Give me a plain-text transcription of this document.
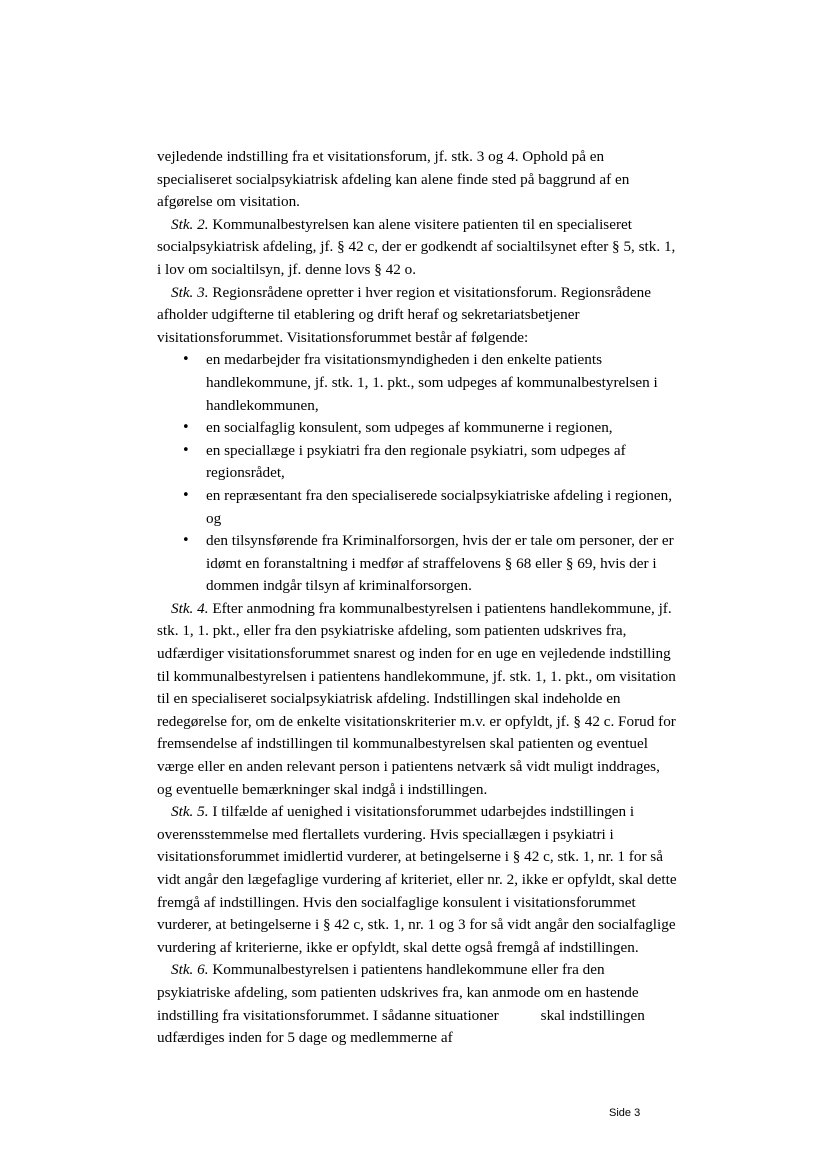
vejledende indstilling fra et visitationsforum, jf. stk. 3 og 4. Ophold på en specialiseret socialpsykiatrisk afdeling kan alene finde sted på baggrund af en afgørelse om visitation.

Stk. 2. Kommunalbestyrelsen kan alene visitere patienten til en specialiseret socialpsykiatrisk afdeling, jf. § 42 c, der er godkendt af socialtilsynet efter § 5, stk. 1, i lov om socialtilsyn, jf. denne lovs § 42 o.

Stk. 3. Regionsrådene opretter i hver region et visitationsforum. Regionsrådene afholder udgifterne til etablering og drift heraf og sekretariatsbetjener visitationsforummet. Visitationsforummet består af følgende:

• en medarbejder fra visitationsmyndigheden i den enkelte patients handlekommune, jf. stk. 1, 1. pkt., som udpeges af kommunalbestyrelsen i handlekommunen,
• en socialfaglig konsulent, som udpeges af kommunerne i regionen,
• en speciallæge i psykiatri fra den regionale psykiatri, som udpeges af regionsrådet,
• en repræsentant fra den specialiserede socialpsykiatriske afdeling i regionen, og
• den tilsynsførende fra Kriminalforsorgen, hvis der er tale om personer, der er idømt en foranstaltning i medfør af straffelovens § 68 eller § 69, hvis der i dommen indgår tilsyn af kriminalforsorgen.

Stk. 4. Efter anmodning fra kommunalbestyrelsen i patientens handlekommune, jf. stk. 1, 1. pkt., eller fra den psykiatriske afdeling, som patienten udskrives fra, udfærdiger visitationsforummet snarest og inden for en uge en vejledende indstilling til kommunalbestyrelsen i patientens handlekommune, jf. stk. 1, 1. pkt., om visitation til en specialiseret socialpsykiatrisk afdeling. Indstillingen skal indeholde en redegørelse for, om de enkelte visitationskriterier m.v. er opfyldt, jf. § 42 c. Forud for fremsendelse af indstillingen til kommunalbestyrelsen skal patienten og eventuel værge eller en anden relevant person i patientens netværk så vidt muligt inddrages, og eventuelle bemærkninger skal indgå i indstillingen.

Stk. 5. I tilfælde af uenighed i visitationsforummet udarbejdes indstillingen i overensstemmelse med flertallets vurdering. Hvis speciallægen i psykiatri i visitationsforummet imidlertid vurderer, at betingelserne i § 42 c, stk. 1, nr. 1 for så vidt angår den lægefaglige vurdering af kriteriet, eller nr. 2, ikke er opfyldt, skal dette fremgå af indstillingen. Hvis den socialfaglige konsulent i visitationsforummet vurderer, at betingelserne i § 42 c, stk. 1, nr. 1 og 3 for så vidt angår den socialfaglige vurdering af kriterierne, ikke er opfyldt, skal dette også fremgå af indstillingen.

Stk. 6. Kommunalbestyrelsen i patientens handlekommune eller fra den psykiatriske afdeling, som patienten udskrives fra, kan anmode om en hastende indstilling fra visitationsforummet. I sådanne situationer	skal indstillingen udfærdiges inden for 5 dage og medlemmerne af

Side 3
